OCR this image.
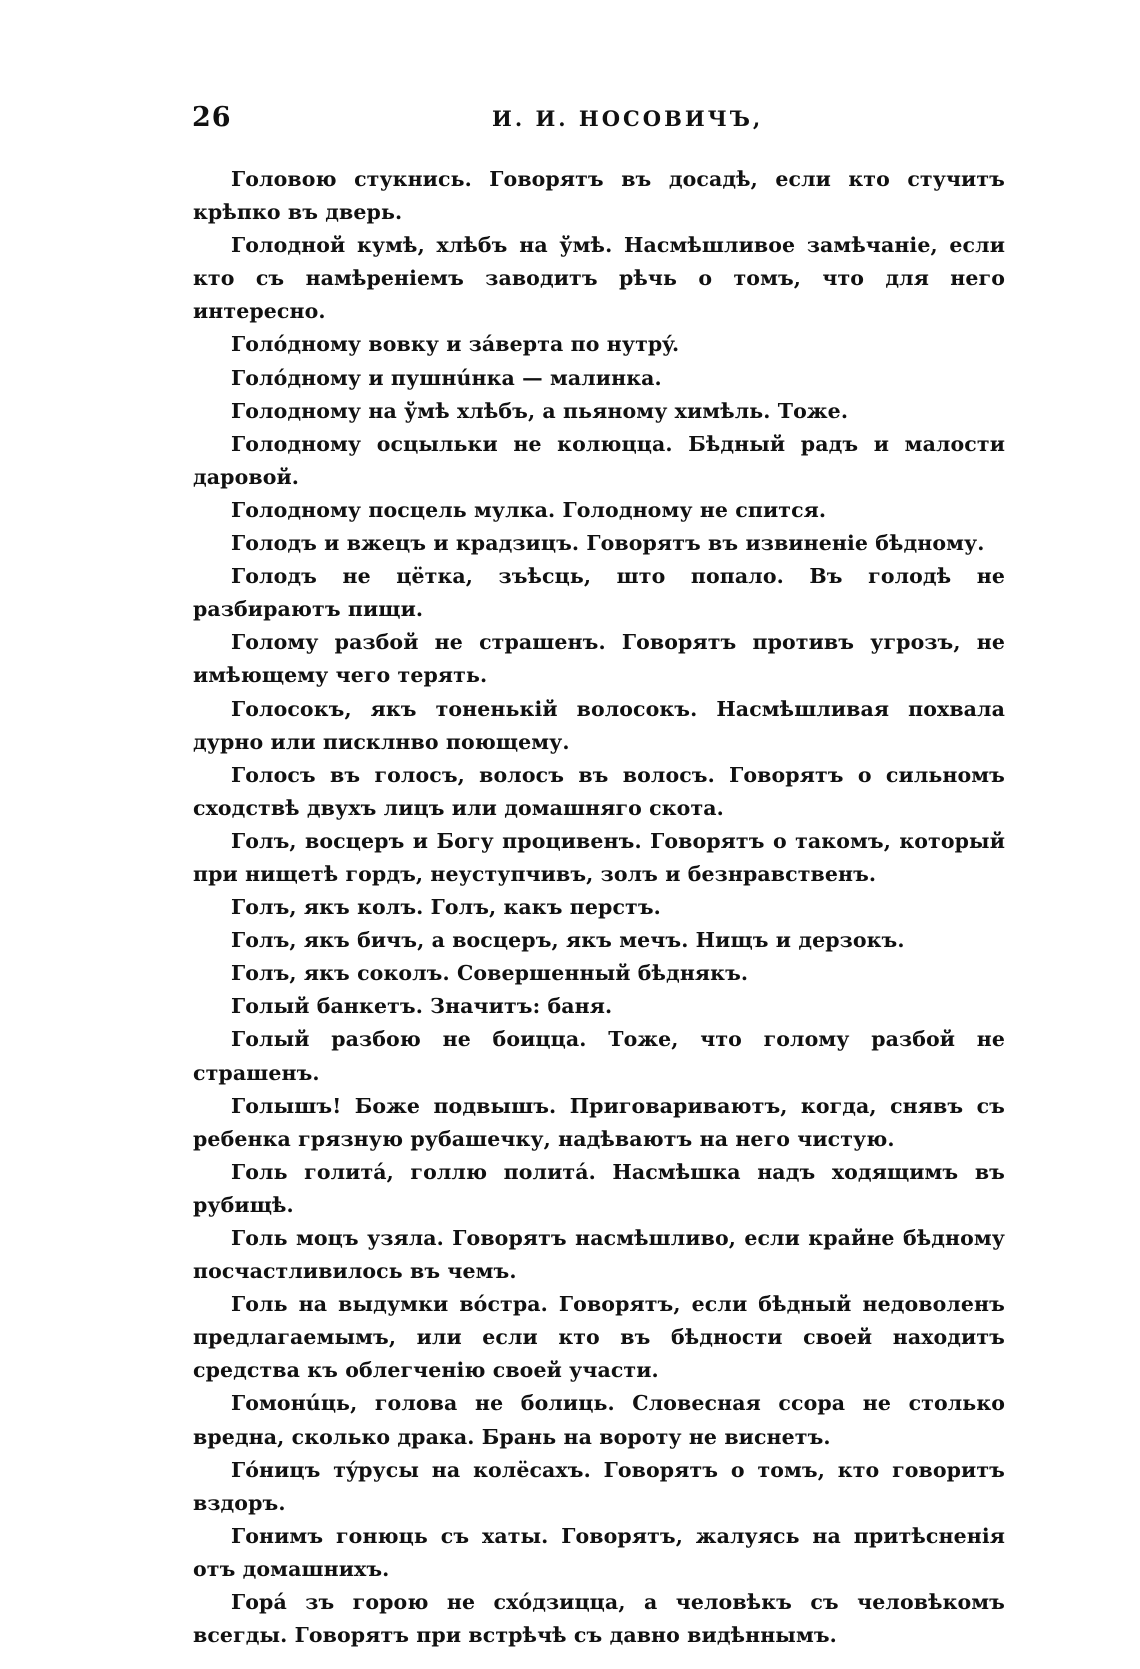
26	И. И. НОСОВИЧЪ,

Головою стукнись. Говорятъ въ досадѣ, если кто стучитъ крѣпко въ дверь.

Голодной кумѣ, хлѣбъ на ўмѣ. Насмѣшливое замѣчаніе, если кто съ намѣреніемъ заводитъ рѣчь о томъ, что для него интересно.

Голóдному вовку и зáверта по нутрý.

Голóдному и пушнúнка — малинка.

Голодному на ўмѣ хлѣбъ, а пьяному химѣль. Тоже.

Голодному осцыльки не колюцца. Бѣдный радъ и малости даровой.

Голодному посцель мулка. Голодному не спится.

Голодъ и вжецъ и крадзицъ. Говорятъ въ извиненіе бѣдному.

Голодъ не цётка, зъѣсць, што попало. Въ голодѣ не разбираютъ пищи.

Голому разбой не страшенъ. Говорятъ противъ угрозъ, не имѣющему чего терять.

Голосокъ, якъ тоненькій волосокъ. Насмѣшливая похвала дурно или писклнво поющему.

Голосъ въ голосъ, волосъ въ волосъ. Говорятъ о сильномъ сходствѣ двухъ лицъ или домашняго скота.

Голъ, восцеръ и Богу процивенъ. Говорятъ о такомъ, который при нищетѣ гордъ, неуступчивъ, золъ и безнравственъ.

Голъ, якъ колъ. Голъ, какъ перстъ.

Голъ, якъ бичъ, а восцеръ, якъ мечъ. Нищъ и дерзокъ.

Голъ, якъ соколъ. Совершенный бѣднякъ.

Голый банкетъ. Значитъ: баня.

Голый разбою не боицца. Тоже, что голому разбой не страшенъ.

Голышъ! Боже подвышъ. Приговариваютъ, когда, снявъ съ ребенка грязную рубашечку, надѣваютъ на него чистую.

Голь голитá, голлю политá. Насмѣшка надъ ходящимъ въ рубищѣ.

Голь моцъ узяла. Говорятъ насмѣшливо, если крайне бѣдному посчастливилось въ чемъ.

Голь на выдумки вóстра. Говорятъ, если бѣдный недоволенъ предлагаемымъ, или если кто въ бѣдности своей находитъ средства къ облегченію своей участи.

Гомонúць, голова не болиць. Словесная ссора не столько вредна, сколько драка. Брань на вороту не виснетъ.

Гóницъ тýрусы на колёсахъ. Говорятъ о томъ, кто говоритъ вздоръ.

Гонимъ гонюць съ хаты. Говорятъ, жалуясь на притѣсненія отъ домашнихъ.

Горá зъ горою не схóдзицца, а человѣкъ съ человѣкомъ всегды. Говорятъ при встрѣчѣ съ давно видѣннымъ.
